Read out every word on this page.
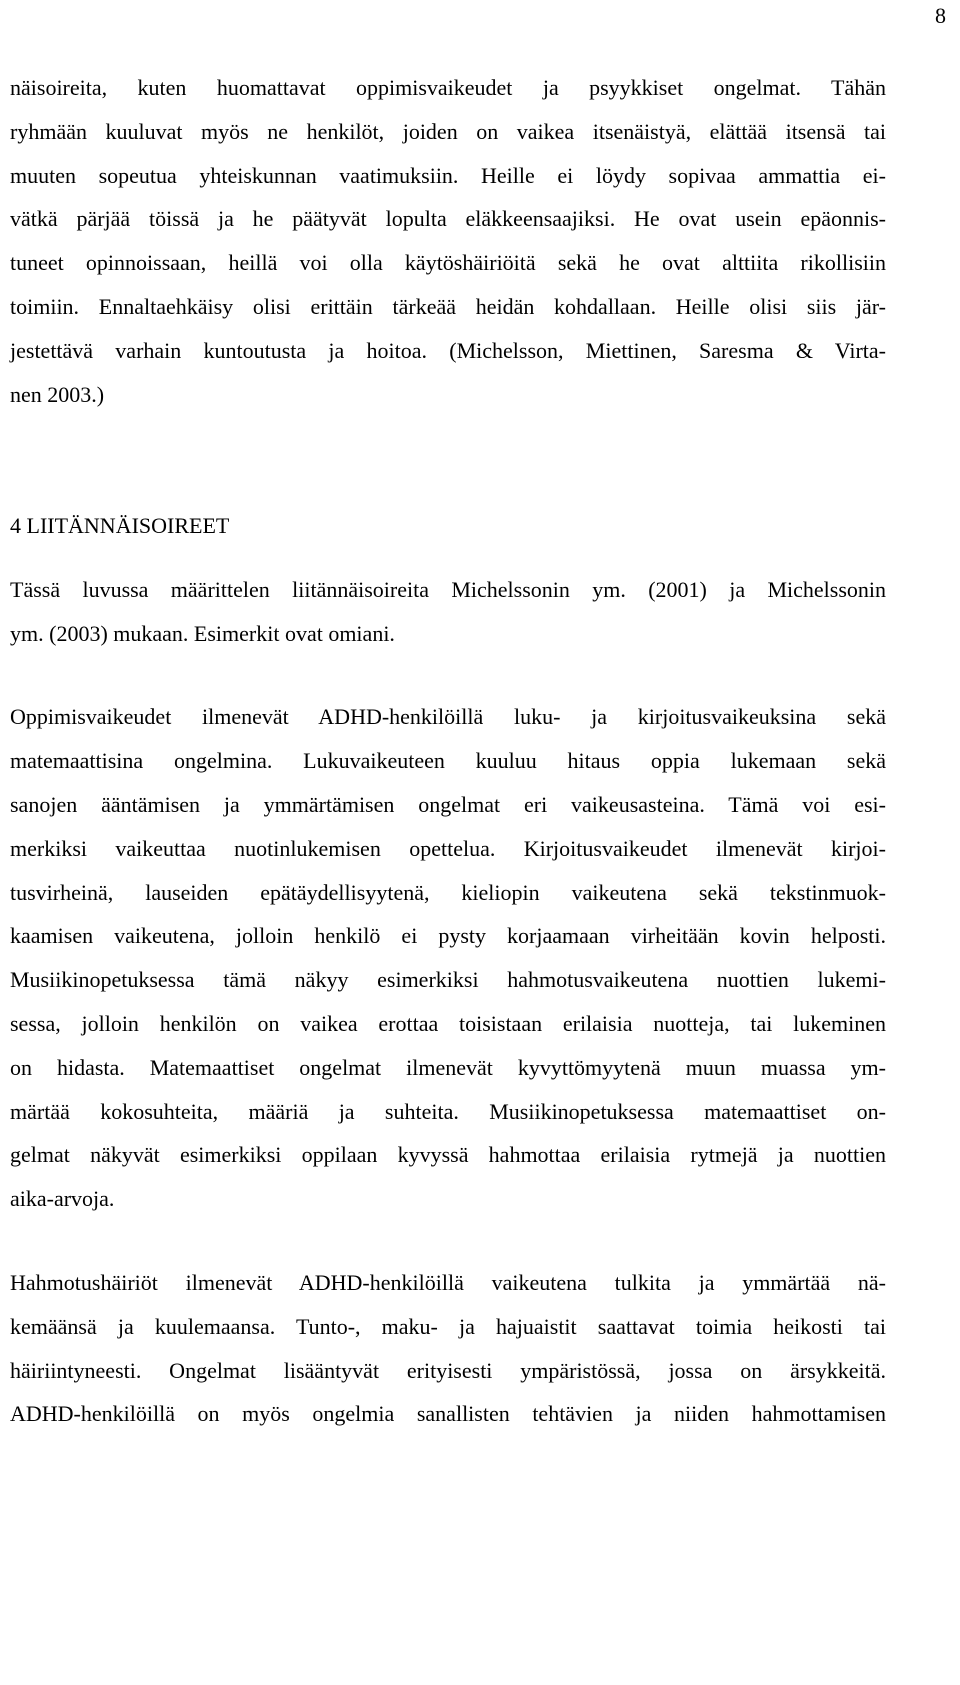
8
näisoireita, kuten huomattavat oppimisvaikeudet ja psyykkiset ongelmat. Tähän
ryhmään kuuluvat myös ne henkilöt, joiden on vaikea itsenäistyä, elättää itsensä tai
muuten sopeutua yhteiskunnan vaatimuksiin. Heille ei löydy sopivaa ammattia ei-
vätkä pärjää töissä ja he päätyvät lopulta eläkkeensaajiksi. He ovat usein epäonnis-
tuneet opinnoissaan, heillä voi olla käytöshäiriöitä sekä he ovat alttiita rikollisiin
toimiin. Ennaltaehkäisy olisi erittäin tärkeää heidän kohdallaan. Heille olisi siis jär-
jestettävä varhain kuntoutusta ja hoitoa. (Michelsson, Miettinen, Saresma & Virta-
nen 2003.)
4 LIITÄNNÄISOIREET
Tässä luvussa määrittelen liitännäisoireita Michelssonin ym. (2001) ja Michelssonin
ym. (2003) mukaan. Esimerkit ovat omiani.
Oppimisvaikeudet ilmenevät ADHD-henkilöillä luku- ja kirjoitusvaikeuksina sekä
matemaattisina ongelmina. Lukuvaikeuteen kuuluu hitaus oppia lukemaan sekä
sanojen ääntämisen ja ymmärtämisen ongelmat eri vaikeusasteina. Tämä voi esi-
merkiksi vaikeuttaa nuotinlukemisen opettelua. Kirjoitusvaikeudet ilmenevät kirjoi-
tusvirheinä, lauseiden epätäydellisyytenä, kieliopin vaikeutena sekä tekstinmuok-
kaamisen vaikeutena, jolloin henkilö ei pysty korjaamaan virheitään kovin helposti.
Musiikinopetuksessa tämä näkyy esimerkiksi hahmotusvaikeutena nuottien lukemi-
sessa, jolloin henkilön on vaikea erottaa toisistaan erilaisia nuotteja, tai lukeminen
on hidasta. Matemaattiset ongelmat ilmenevät kyvyttömyytenä muun muassa ym-
märtää kokosuhteita, määriä ja suhteita. Musiikinopetuksessa matemaattiset on-
gelmat näkyvät esimerkiksi oppilaan kyvyssä hahmottaa erilaisia rytmejä ja nuottien
aika-arvoja.
Hahmotushäiriöt ilmenevät ADHD-henkilöillä vaikeutena tulkita ja ymmärtää nä-
kemäänsä ja kuulemaansa. Tunto-, maku- ja hajuaistit saattavat toimia heikosti tai
häiriintyneesti. Ongelmat lisääntyvät erityisesti ympäristössä, jossa on ärsykkeitä.
ADHD-henkilöillä on myös ongelmia sanallisten tehtävien ja niiden hahmottamisen
